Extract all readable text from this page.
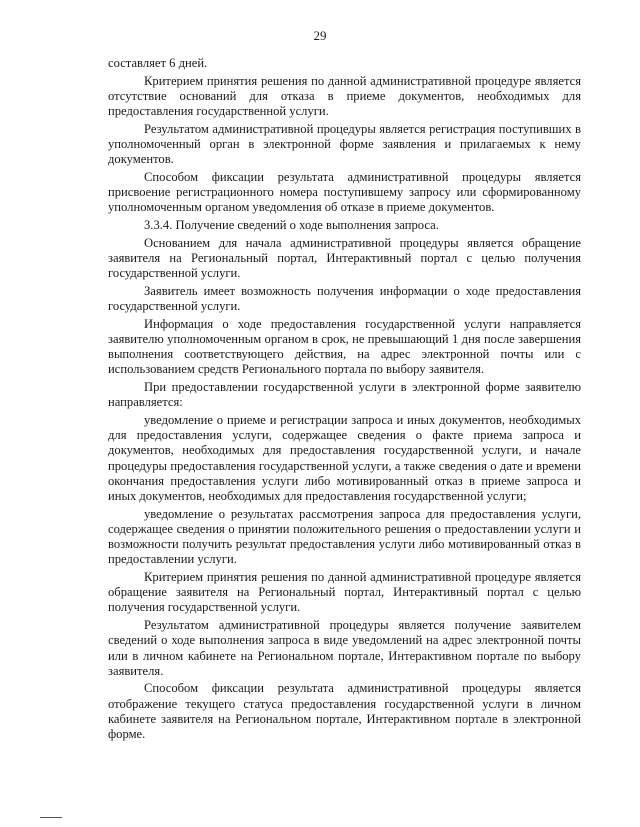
29

составляет 6 дней.

Критерием принятия решения по данной административной процедуре является отсутствие оснований для отказа в приеме документов, необходимых для предоставления государственной услуги.

Результатом административной процедуры является регистрация поступивших в уполномоченный орган в электронной форме заявления и прилагаемых к нему документов.

Способом фиксации результата административной процедуры является присвоение регистрационного номера поступившему запросу или сформированному уполномоченным органом уведомления об отказе в приеме документов.

3.3.4. Получение сведений о ходе выполнения запроса.

Основанием для начала административной процедуры является обращение заявителя на Региональный портал, Интерактивный портал с целью получения государственной услуги.

Заявитель имеет возможность получения информации о ходе предоставления государственной услуги.

Информация о ходе предоставления государственной услуги направляется заявителю уполномоченным органом в срок, не превышающий 1 дня после завершения выполнения соответствующего действия, на адрес электронной почты или с использованием средств Регионального портала по выбору заявителя.

При предоставлении государственной услуги в электронной форме заявителю направляется:

уведомление о приеме и регистрации запроса и иных документов, необходимых для предоставления услуги, содержащее сведения о факте приема запроса и документов, необходимых для предоставления государственной услуги, и начале процедуры предоставления государственной услуги, а также сведения о дате и времени окончания предоставления услуги либо мотивированный отказ в приеме запроса и иных документов, необходимых для предоставления государственной услуги;

уведомление о результатах рассмотрения запроса для предоставления услуги, содержащее сведения о принятии положительного решения о предоставлении услуги и возможности получить результат предоставления услуги либо мотивированный отказ в предоставлении услуги.

Критерием принятия решения по данной административной процедуре является обращение заявителя на Региональный портал, Интерактивный портал с целью получения государственной услуги.

Результатом административной процедуры является получение заявителем сведений о ходе выполнения запроса в виде уведомлений на адрес электронной почты или в личном кабинете на Региональном портале, Интерактивном портале по выбору заявителя.

Способом фиксации результата административной процедуры является отображение текущего статуса предоставления государственной услуги в личном кабинете заявителя на Региональном портале, Интерактивном портале в электронной форме.
